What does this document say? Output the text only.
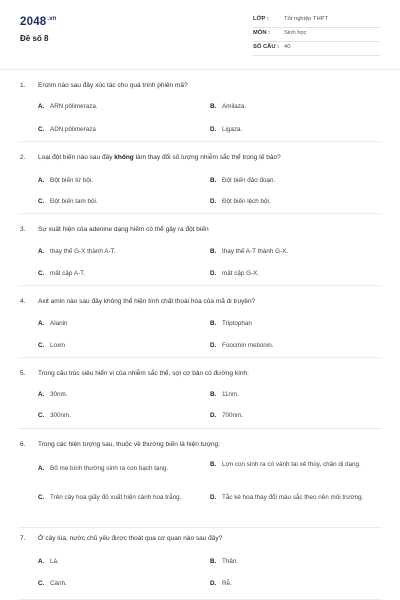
$2048^{.vn}$
Đề số 8
LỚP :	Tốt nghiệp THPT
MÔN : Sinh học
SỐ CÂU : 40
1. Enzim nào sau đây xúc tác cho quá trình phiên mã?
A. ARN pôlimeraza.	B. Amilaza.
C. ADN pôlimeraza	D. Ligaza.
2. Loại đột biến nào sau đây không làm thay đổi số lượng nhiễm sắc thể trong tế bào?
A. Đột biến tứ bội.	B. Đột biến đảo đoạn.
C. Đột biến tam bội.	D. Đột biến lệch bội.
3. Sự xuất hiện của adenine dạng hiếm có thể gây ra đột biến
A. thay thế G-X thành A-T.	B. thay thế A-T thành G-X.
C. mất cặp A-T.	D. mất cặp G-X.
4. Axit amin nào sau đây không thể hiện tính chất thoái hóa của mã di truyền?
A. Alanin	B. Triptophan
C. Loxin	D. Foocmin metionin.
5. Trong cấu trúc siêu hiển vi của nhiễm sắc thể, sợi cơ bản có đường kính:
A. 30nm.	B. 11nm.
C. 300nm.	D. 700nm.
6. Trong các hiện tượng sau, thuộc về thường biến là hiện tượng:
A. Bố mẹ bình thường sinh ra con bạch tạng.
B. Lợn con sinh ra có vành tai xẻ thùy, chân dị dạng.
C. Trên cây hoa giấy đỏ xuất hiện cành hoa trắng.	D. Tắc kè hoa thay đổi màu sắc theo nền môi trường.
7. Ở cây lúa, nước chủ yếu được thoát qua cơ quan nào sau đây?
A. Lá.	B. Thân.
C. Cành.	D. Rễ.
